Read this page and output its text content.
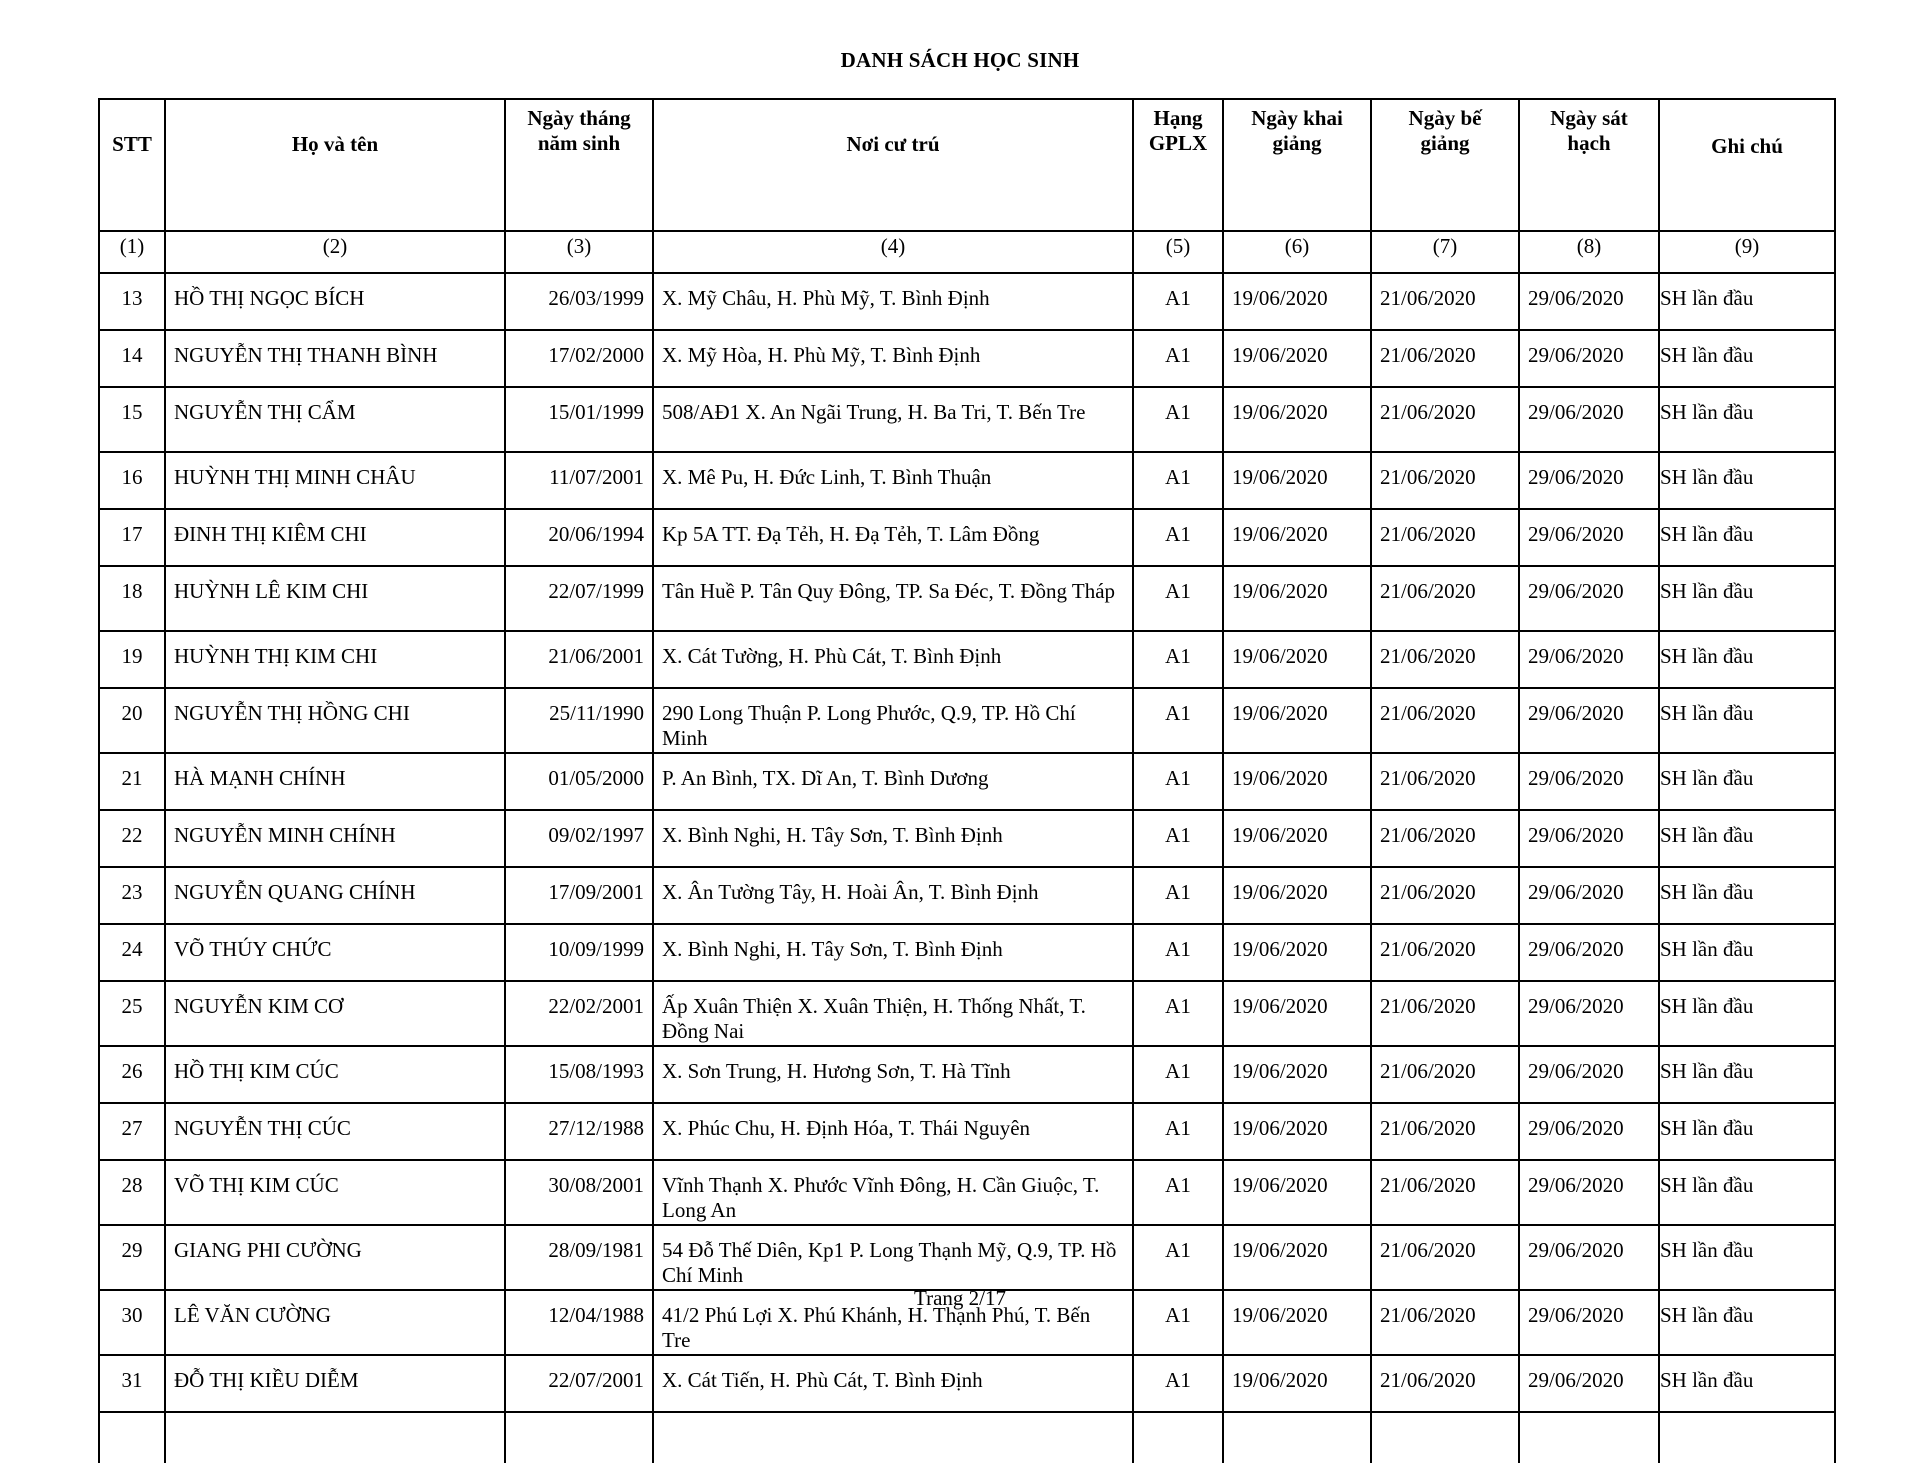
DANH SÁCH HỌC SINH
STT	Họ và tên	Ngày tháng năm sinh	Nơi cư trú	Hạng GPLX	Ngày khai giảng	Ngày bế giảng	Ngày sát hạch	Ghi chú

(1)	(2)	(3)	(4)	(5)	(6)	(7)	(8)	(9)
13	HỒ THỊ NGỌC BÍCH	26/03/1999	X. Mỹ Châu, H. Phù Mỹ, T. Bình Định	A1	19/06/2020	21/06/2020	29/06/2020	SH lần đầu
14	NGUYỄN THỊ THANH BÌNH	17/02/2000	X. Mỹ Hòa, H. Phù Mỹ, T. Bình Định	A1	19/06/2020	21/06/2020	29/06/2020	SH lần đầu
15	NGUYỄN THỊ CẨM	15/01/1999	508/AĐ1 X. An Ngãi Trung, H. Ba Tri, T. Bến Tre	A1	19/06/2020	21/06/2020	29/06/2020	SH lần đầu
16	HUỲNH THỊ MINH CHÂU	11/07/2001	X. Mê Pu, H. Đức Linh, T. Bình Thuận	A1	19/06/2020	21/06/2020	29/06/2020	SH lần đầu
17	ĐINH THỊ KIÊM CHI	20/06/1994	Kp 5A TT. Đạ Tẻh, H. Đạ Tẻh, T. Lâm Đồng	A1	19/06/2020	21/06/2020	29/06/2020	SH lần đầu
18	HUỲNH LÊ KIM CHI	22/07/1999	Tân Huề P. Tân Quy Đông, TP. Sa Đéc, T. Đồng Tháp	A1	19/06/2020	21/06/2020	29/06/2020	SH lần đầu
19	HUỲNH THỊ KIM CHI	21/06/2001	X. Cát Tường, H. Phù Cát, T. Bình Định	A1	19/06/2020	21/06/2020	29/06/2020	SH lần đầu
20	NGUYỄN THỊ HỒNG CHI	25/11/1990	290 Long Thuận P. Long Phước, Q.9, TP. Hồ Chí Minh	A1	19/06/2020	21/06/2020	29/06/2020	SH lần đầu
21	HÀ MẠNH CHÍNH	01/05/2000	P. An Bình, TX. Dĩ An, T. Bình Dương	A1	19/06/2020	21/06/2020	29/06/2020	SH lần đầu
22	NGUYỄN MINH CHÍNH	09/02/1997	X. Bình Nghi, H. Tây Sơn, T. Bình Định	A1	19/06/2020	21/06/2020	29/06/2020	SH lần đầu
23	NGUYỄN QUANG CHÍNH	17/09/2001	X. Ân Tường Tây, H. Hoài Ân, T. Bình Định	A1	19/06/2020	21/06/2020	29/06/2020	SH lần đầu
24	VÕ THÚY CHỨC	10/09/1999	X. Bình Nghi, H. Tây Sơn, T. Bình Định	A1	19/06/2020	21/06/2020	29/06/2020	SH lần đầu
25	NGUYỄN KIM CƠ	22/02/2001	Ấp Xuân Thiện X. Xuân Thiện, H. Thống Nhất, T. Đồng Nai	A1	19/06/2020	21/06/2020	29/06/2020	SH lần đầu
26	HỒ THỊ KIM CÚC	15/08/1993	X. Sơn Trung, H. Hương Sơn, T. Hà Tĩnh	A1	19/06/2020	21/06/2020	29/06/2020	SH lần đầu
27	NGUYỄN THỊ CÚC	27/12/1988	X. Phúc Chu, H. Định Hóa, T. Thái Nguyên	A1	19/06/2020	21/06/2020	29/06/2020	SH lần đầu
28	VÕ THỊ KIM CÚC	30/08/2001	Vĩnh Thạnh X. Phước Vĩnh Đông, H. Cần Giuộc, T. Long An	A1	19/06/2020	21/06/2020	29/06/2020	SH lần đầu
29	GIANG PHI CƯỜNG	28/09/1981	54 Đỗ Thế Diên, Kp1 P. Long Thạnh Mỹ, Q.9, TP. Hồ Chí Minh	A1	19/06/2020	21/06/2020	29/06/2020	SH lần đầu
30	LÊ VĂN CƯỜNG	12/04/1988	41/2 Phú Lợi X. Phú Khánh, H. Thạnh Phú, T. Bến Tre	A1	19/06/2020	21/06/2020	29/06/2020	SH lần đầu
31	ĐỖ THỊ KIỀU DIỄM	22/07/2001	X. Cát Tiến, H. Phù Cát, T. Bình Định	A1	19/06/2020	21/06/2020	29/06/2020	SH lần đầu

Trang 2/17
